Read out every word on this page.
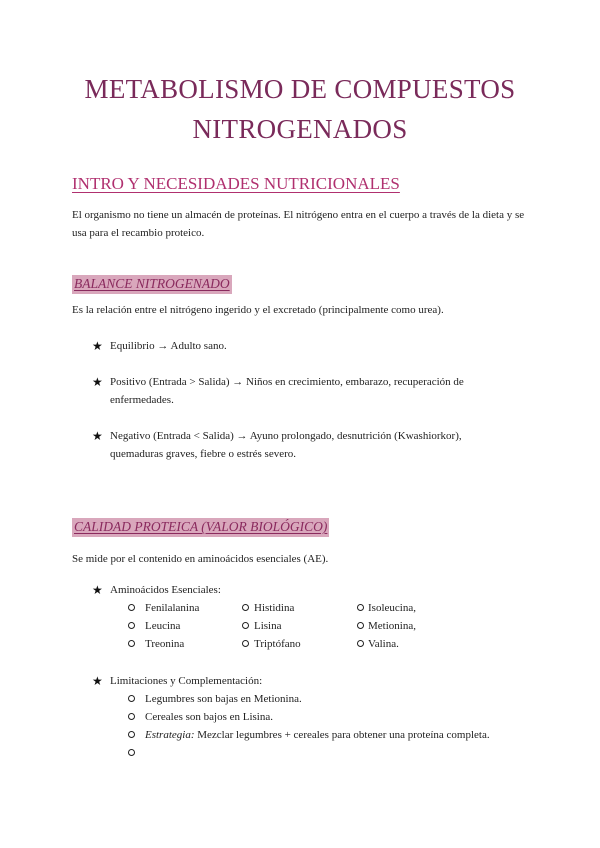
METABOLISMO DE COMPUESTOS
NITROGENADOS
INTRO Y NECESIDADES NUTRICIONALES
El organismo no tiene un almacén de proteínas. El nitrógeno entra en el cuerpo a través de la dieta y se usa para el recambio proteico.
BALANCE NITROGENADO
Es la relación entre el nitrógeno ingerido y el excretado (principalmente como urea).
★ Equilibrio → Adulto sano.
★ Positivo (Entrada > Salida) → Niños en crecimiento, embarazo, recuperación de enfermedades.
★ Negativo (Entrada < Salida) → Ayuno prolongado, desnutrición (Kwashiorkor), quemaduras graves, fiebre o estrés severo.
CALIDAD PROTEICA (VALOR BIOLÓGICO)
Se mide por el contenido en aminoácidos esenciales (AE).
★ Aminoácidos Esenciales:
Fenilalanina	Histidina	Isoleucina,
Leucina	Lisina	Metionina,
Treonina	Triptófano	Valina.
★ Limitaciones y Complementación:
Legumbres son bajas en Metionina.
Cereales son bajos en Lisina.
Estrategia: Mezclar legumbres + cereales para obtener una proteína completa.
